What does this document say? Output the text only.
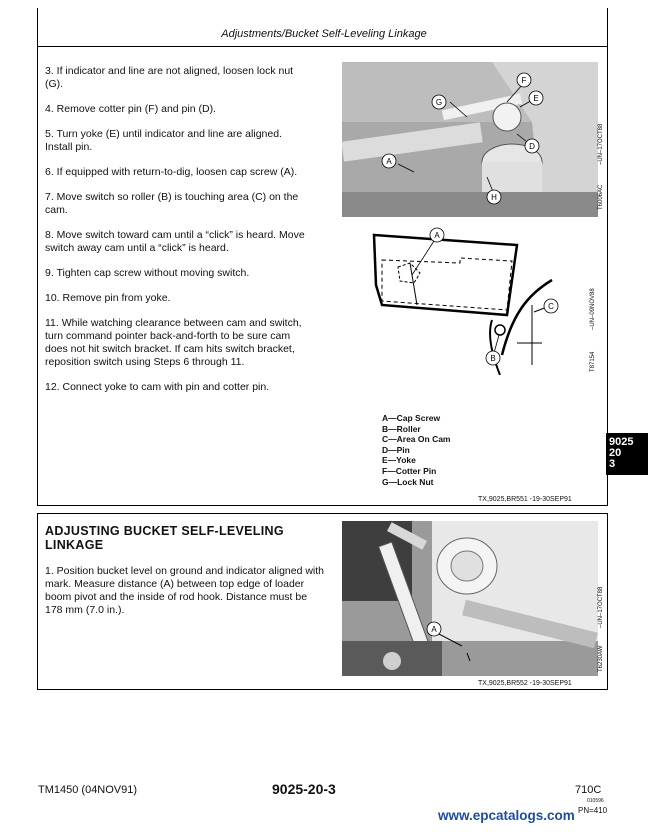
Adjustments/Bucket Self-Leveling Linkage

3. If indicator and line are not aligned, loosen lock nut
(G).

4. Remove cotter pin (F) and pin (D).

5. Turn yoke (E) until indicator and line are aligned.
Install pin.

6. If equipped with return-to-dig, loosen cap screw (A).

7. Move switch so roller (B) is touching area (C) on the
cam.

8. Move switch toward cam until a “click” is heard. Move
switch away cam until a “click” is heard.

9. Tighten cap screw without moving switch.

10. Remove pin from yoke.

11. While watching clearance between cam and switch,
turn command pointer back-and-forth to be sure cam
does not hit switch bracket. If cam hits switch bracket,
reposition switch using Steps 6 through 11.

12. Connect yoke to cam with pin and cotter pin.

F
E
G
D
A
H	T6006AC
–UN–17OCT88
A
C
B	T87154
–UN–09NOV88
A—Cap Screw
B—Roller
C—Area On Cam
D—Pin
E—Yoke
F—Cotter Pin
G—Lock Nut
TX,9025,BR551 -19-30SEP91
9025
20
3
ADJUSTING BUCKET SELF-LEVELING LINKAGE
1. Position bucket level on ground and indicator aligned with mark. Measure distance (A) between top edge of loader boom pivot and the inside of rod hook. Distance must be 178 mm (7.0 in.).
A
T6230AW
–UN–17OCT88
TX,9025,BR552 -19-30SEP91
TM1450 (04NOV91)	9025-20-3	710C
010596
PN=410
www.epcatalogs.com
